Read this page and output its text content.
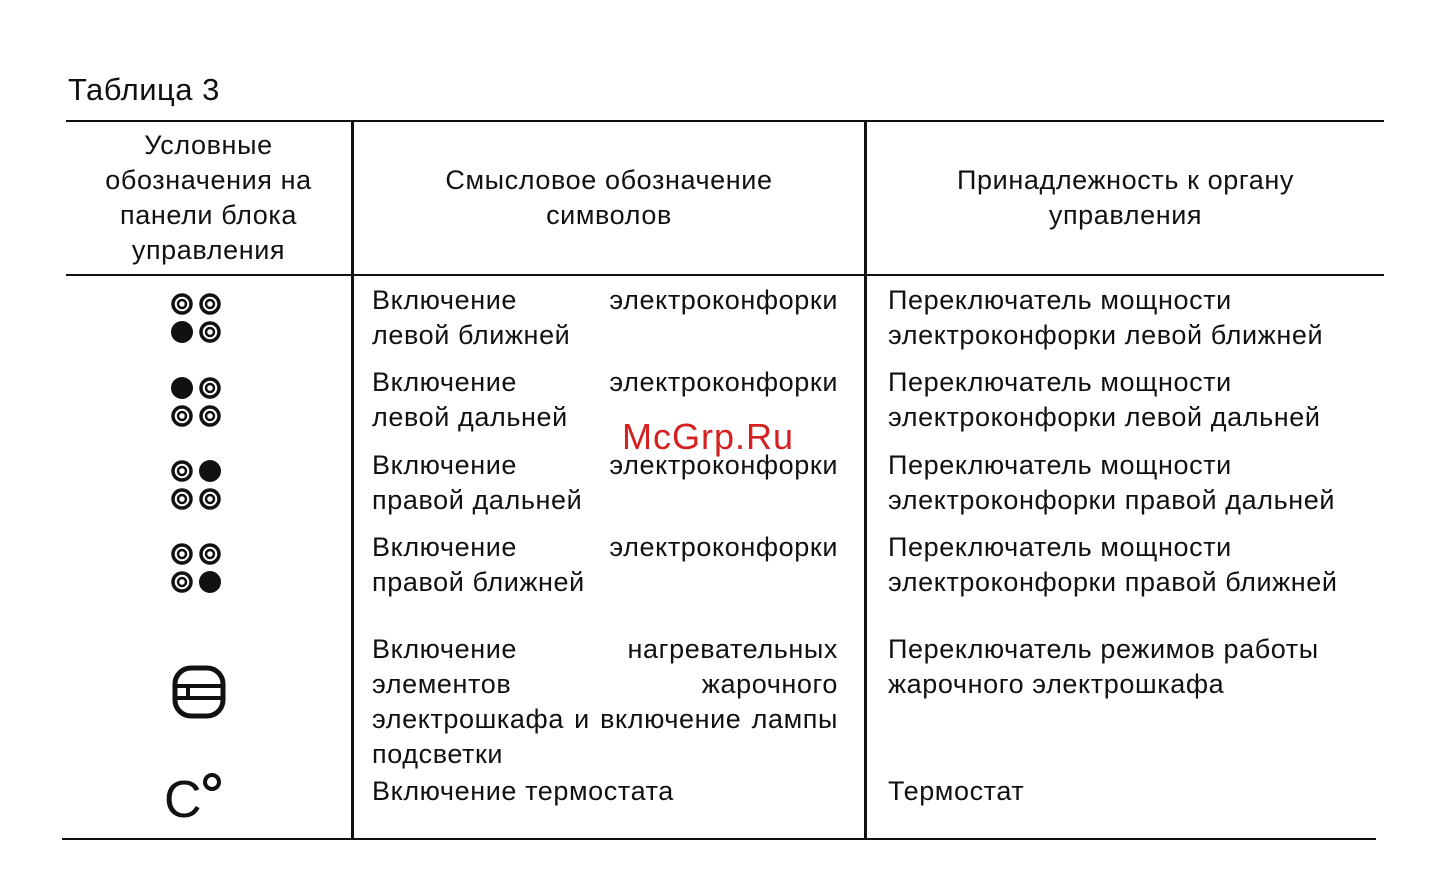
Таблица 3
Условные обозначения на панели блока управления
Смысловое обозначение символов
Принадлежность к органу управления
Включение электроконфорки левой ближней
Переключатель мощности электроконфорки левой ближней
Включение электроконфорки левой дальней
Переключатель мощности электроконфорки левой дальней
Включение электроконфорки правой дальней
Переключатель мощности электроконфорки правой дальней
Включение электроконфорки правой ближней
Переключатель мощности электроконфорки правой ближней
Включение нагревательных элементов жарочного электрошкафа и включение лампы подсветки
Переключатель режимов работы жарочного электрошкафа
C	Включение термостата	Термостат
McGrp.Ru
